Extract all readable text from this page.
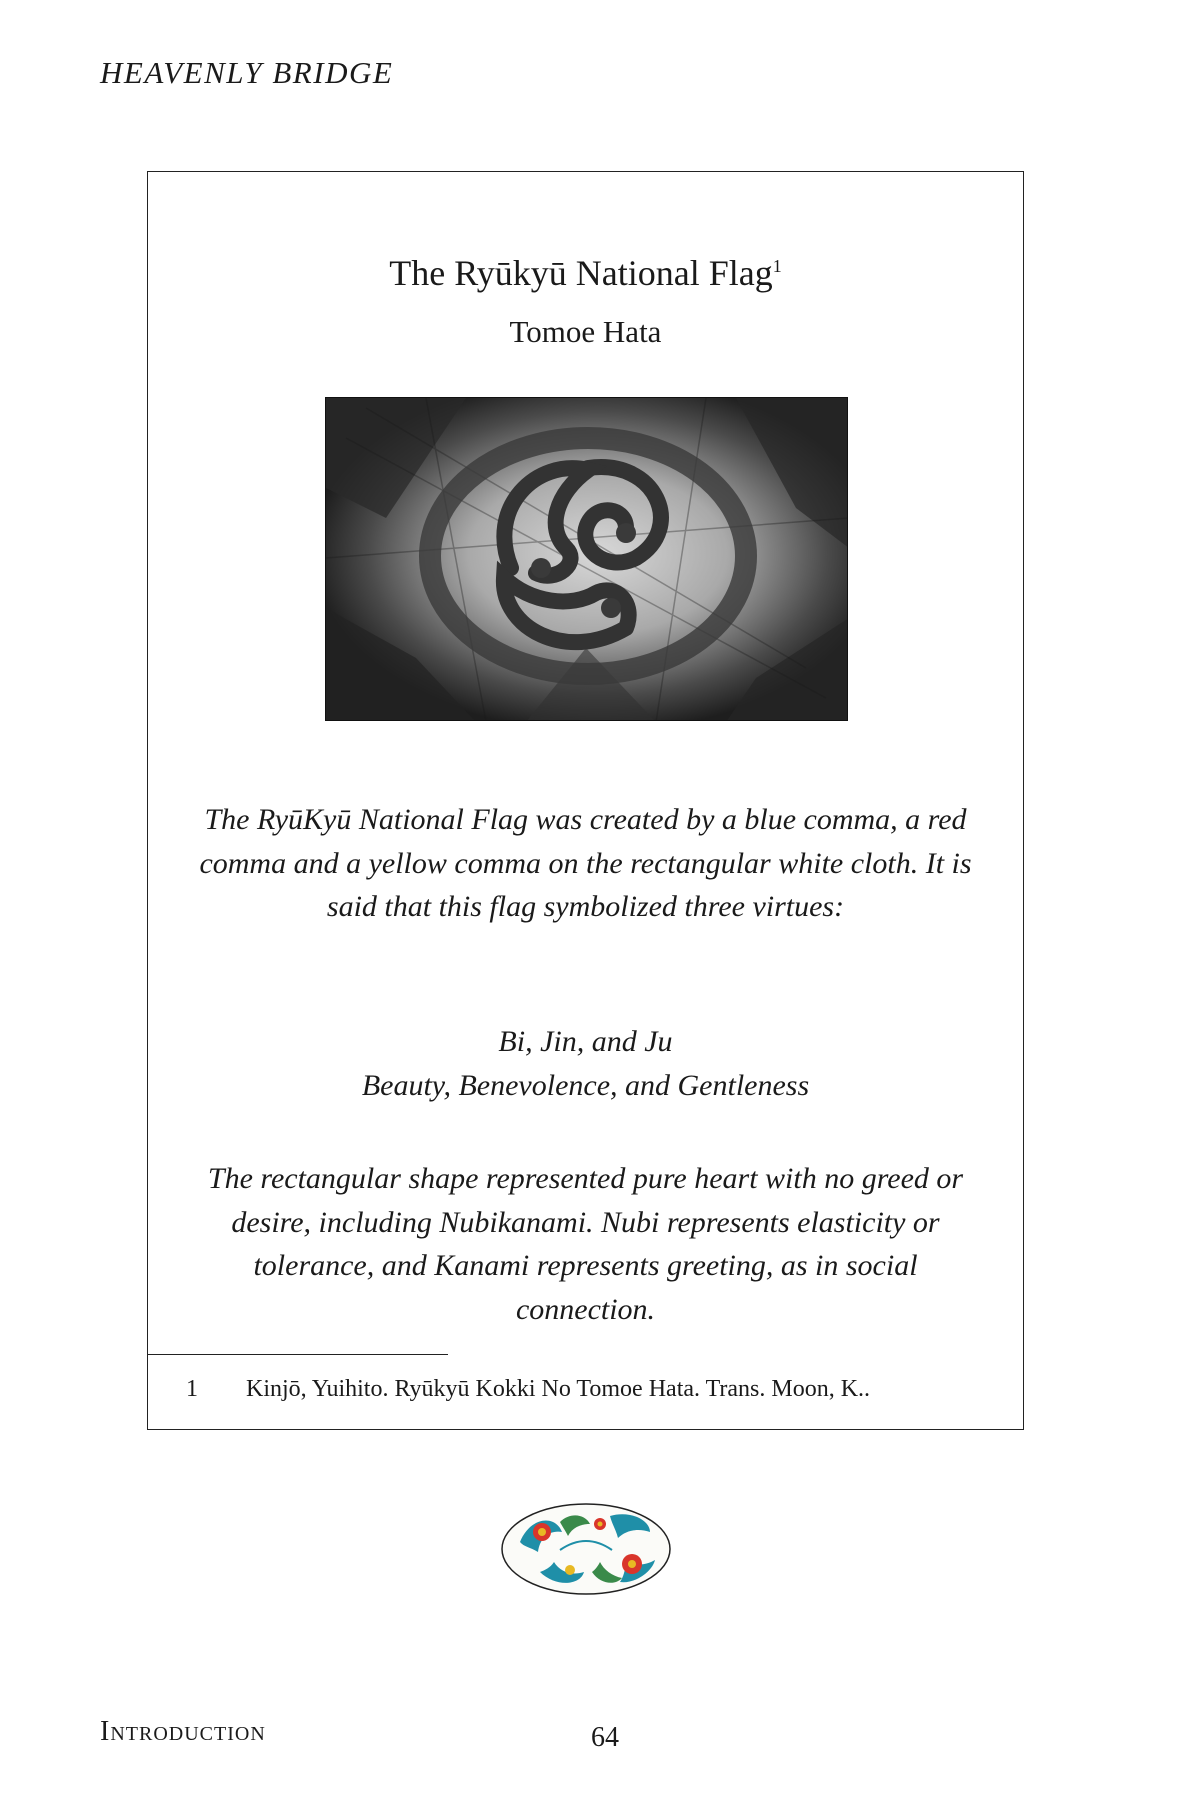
HEAVENLY BRIDGE

The Ryūkyū National Flag$^1$

Tomoe Hata

The RyūKyū National Flag was created by a blue comma, a red comma and a yellow comma on the rectangular white cloth. It is said that this flag symbolized three virtues:

Bi, Jin, and Ju
Beauty, Benevolence, and Gentleness

The rectangular shape represented pure heart with no greed or desire, including Nubikanami. Nubi represents elasticity or tolerance, and Kanami represents greeting, as in social connection.

1 Kinjō, Yuihito. Ryūkyū Kokki No Tomoe Hata. Trans. Moon, K..

Introduction	64
